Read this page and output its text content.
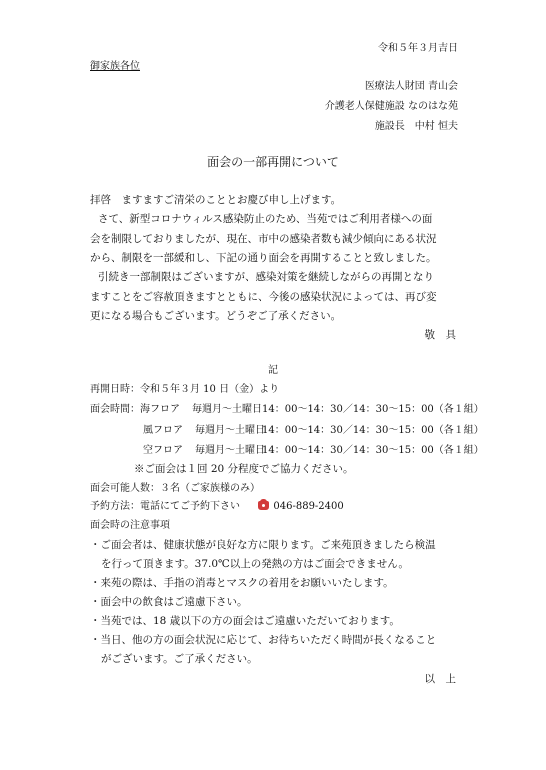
令和５年３月吉日
御家族各位
医療法人財団 青山会
介護老人保健施設 なのはな苑
施設長　中村 恒夫
面会の一部再開について
拝啓　ますますご清栄のこととお慶び申し上げます。
さて、新型コロナウィルス感染防止のため、当苑ではご利用者様への面
会を制限しておりましたが、現在、市中の感染者数も減少傾向にある状況
から、制限を一部緩和し、下記の通り面会を再開することと致しました。
引続き一部制限はございますが、感染対策を継続しながらの再開となり
ますことをご容赦頂きますとともに、今後の感染状況によっては、再び変
更になる場合もございます。どうぞご了承ください。
敬　具
記
再開日時：令和５年３月 10 日（金）より
面会時間： 海フロア 毎週月～土曜日 14：00～14：30／14：30～15：00（各１組）
風フロア 毎週月～土曜日
14：00～14：30／14：30～15：00（各１組）
空フロア 毎週月～土曜日
14：00～14：30／14：30～15：00（各１組）
※ご面会は１回 20 分程度でご協力ください。
面会可能人数：３名（ご家族様のみ）
予約方法：電話にてご予約下さい	046-889-2400
面会時の注意事項
・ご面会者は、健康状態が良好な方に限ります。ご来苑頂きましたら検温
を行って頂きます。37.0℃以上の発熱の方はご面会できません。
・来苑の際は、手指の消毒とマスクの着用をお願いいたします。
・面会中の飲食はご遠慮下さい。
・当苑では、18 歳以下の方の面会はご遠慮いただいております。
・当日、他の方の面会状況に応じて、お待ちいただく時間が長くなること
がございます。ご了承ください。
以　上
